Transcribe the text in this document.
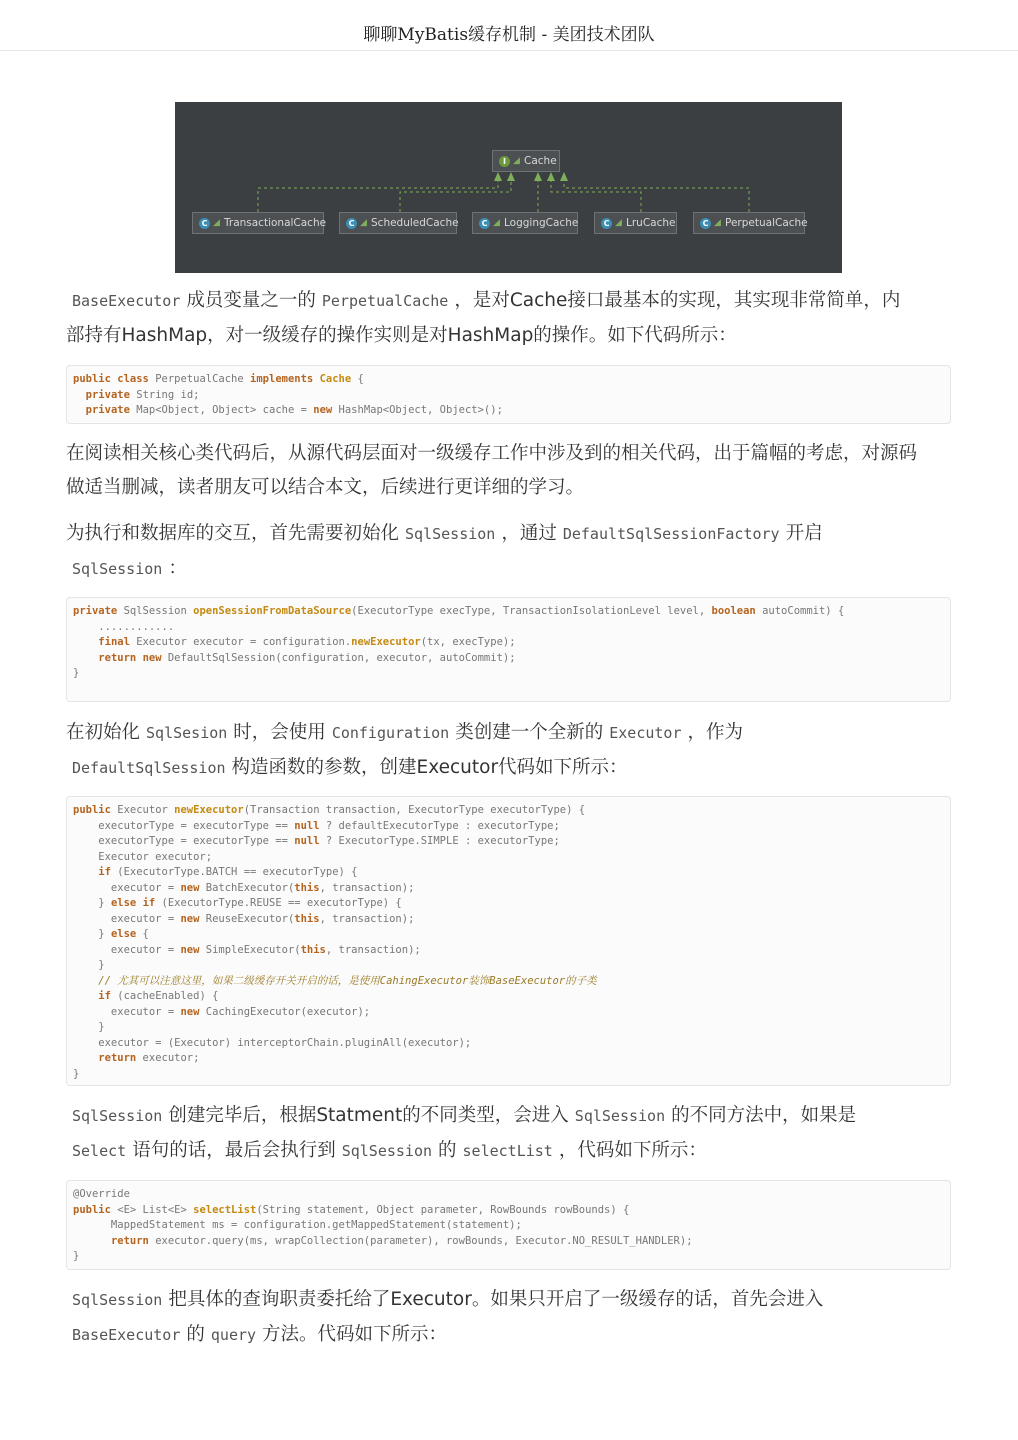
聊聊MyBatis缓存机制 - 美团技术团队
I ◢ Cache
C ◢ TransactionalCache	C ◢ ScheduledCache	C ◢ LoggingCache	C ◢ LruCache	C ◢ PerpetualCache

BaseExecutor 成员变量之一的 PerpetualCache ，是对Cache接口最基本的实现，其实现非常简单，内
部持有HashMap，对一级缓存的操作实则是对HashMap的操作。如下代码所示：

public class PerpetualCache implements Cache {
private String id;
private Map<Object, Object> cache = new HashMap<Object, Object>();

在阅读相关核心类代码后，从源代码层面对一级缓存工作中涉及到的相关代码，出于篇幅的考虑，对源码
做适当删减，读者朋友可以结合本文，后续进行更详细的学习。

为执行和数据库的交互，首先需要初始化 SqlSession ，通过 DefaultSqlSessionFactory 开启
SqlSession ：

private SqlSession openSessionFromDataSource(ExecutorType execType, TransactionIsolationLevel level, boolean autoCommit) {
............
final Executor executor = configuration.newExecutor(tx, execType);
return new DefaultSqlSession(configuration, executor, autoCommit);
}

在初始化 SqlSesion 时，会使用 Configuration 类创建一个全新的 Executor ，作为
DefaultSqlSession 构造函数的参数，创建Executor代码如下所示：

public Executor newExecutor(Transaction transaction, ExecutorType executorType) {
executorType = executorType == null ? defaultExecutorType : executorType;
executorType = executorType == null ? ExecutorType.SIMPLE : executorType;
Executor executor;
if (ExecutorType.BATCH == executorType) {
executor = new BatchExecutor(this, transaction);
} else if (ExecutorType.REUSE == executorType) {
executor = new ReuseExecutor(this, transaction);
} else {
executor = new SimpleExecutor(this, transaction);
}
// 尤其可以注意这里，如果二级缓存开关开启的话，是使用CahingExecutor装饰BaseExecutor的子类
if (cacheEnabled) {
executor = new CachingExecutor(executor);
}
executor = (Executor) interceptorChain.pluginAll(executor);
return executor;
}

SqlSession 创建完毕后，根据Statment的不同类型，会进入 SqlSession 的不同方法中，如果是
Select 语句的话，最后会执行到 SqlSession 的 selectList ，代码如下所示：

@Override
public <E> List<E> selectList(String statement, Object parameter, RowBounds rowBounds) {
MappedStatement ms = configuration.getMappedStatement(statement);
return executor.query(ms, wrapCollection(parameter), rowBounds, Executor.NO_RESULT_HANDLER);
}

SqlSession 把具体的查询职责委托给了Executor。如果只开启了一级缓存的话，首先会进入
BaseExecutor 的 query 方法。代码如下所示：
